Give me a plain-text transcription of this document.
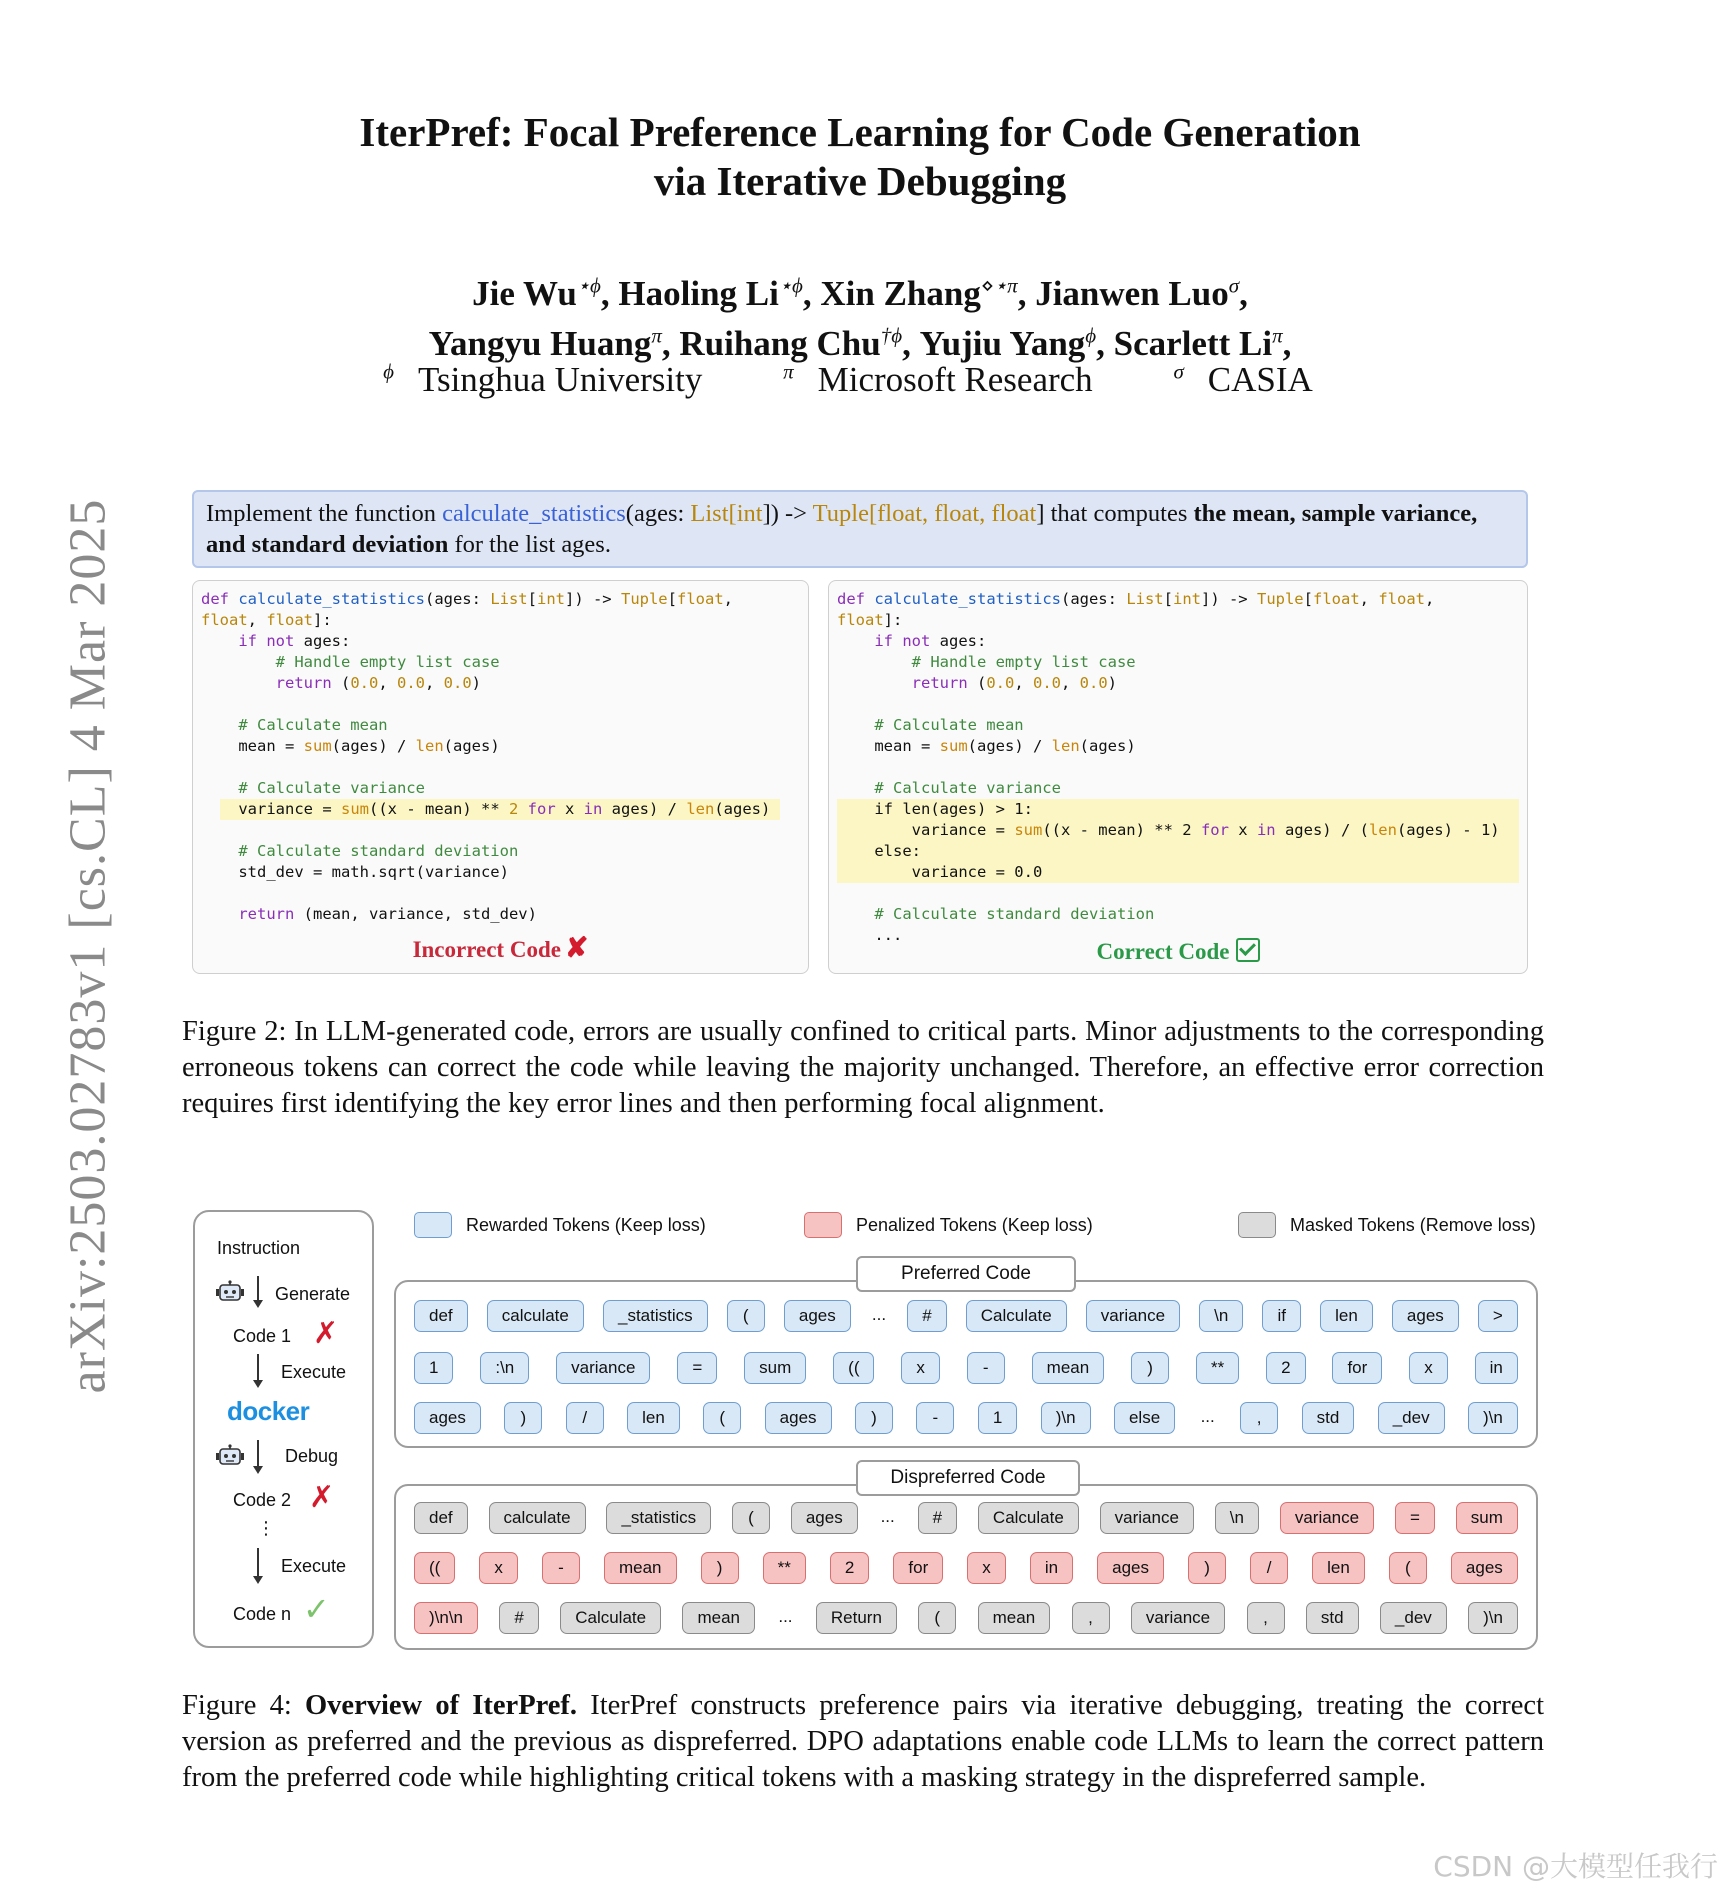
arXiv:2503.02783v1 [cs.CL] 4 Mar 2025
IterPref: Focal Preference Learning for Code Generation
via Iterative Debugging
Jie $Wu^{⋆\phi}$, Haoling $Li^{⋆\phi}$, Xin Zhang$^{⋄⋆\pi}$, Jianwen Luo$^\sigma$,
Yangyu Huang$^\pi$, Ruihang Chu$^{\dagger\phi}$, Yujiu Yang$^\phi$, Scarlett $Li^\pi$,
$^\phi$ Tsinghua University	$^\pi$ Microsoft Research	$^\sigma$ CASIA
Implement the function calculate_statistics(ages: List[int]) -> Tuple[float, float, float] that computes the mean, sample variance, and standard deviation for the list ages.
def calculate_statistics(ages: List[int]) -> Tuple[float,
float, float]:
if not ages:
# Handle empty list case
return (0.0, 0.0, 0.0)

# Calculate mean
mean = sum(ages) / len(ages)

# Calculate variance
variance = sum((x - mean) ** 2 for x in ages) / len(ages)

# Calculate standard deviation
std_dev = math.sqrt(variance)

return (mean, variance, std_dev)
Incorrect Code ✘
def calculate_statistics(ages: List[int]) -> Tuple[float, float,
float]:
if not ages:
# Handle empty list case
return (0.0, 0.0, 0.0)

# Calculate mean
mean = sum(ages) / len(ages)

# Calculate variance
if len(ages) > 1:
variance = sum((x - mean) ** 2 for x in ages) / (len(ages) - 1)
else:
variance = 0.0

# Calculate standard deviation
...
Correct Code
Figure 2: In LLM-generated code, errors are usually confined to critical parts. Minor adjustments to the corresponding erroneous tokens can correct the code while leaving the majority unchanged. Therefore, an effective error correction requires first identifying the key error lines and then performing focal alignment.
Instruction
Generate
Code 1 ✗
Execute
docker
Debug
Code 2 ✗
⋮
Execute
Code n ✓
Rewarded Tokens (Keep loss)	Penalized Tokens (Keep loss)	Masked Tokens (Remove loss)
Preferred Code
def	calculate	_statistics	(	ages	...	#	Calculate	variance	\n	if	len	ages	>
1	:\n	variance	=	sum	((	x	-	mean	)	**	2	for	x	in
ages	)	/	len	(	ages	)	-	1	)\n	else	...	,	std	_dev	)\n
Dispreferred Code
def	calculate	_statistics	(	ages	...	#	Calculate	variance	\n	variance	=	sum
((	x	-	mean	)	**	2	for	x	in	ages	)	/	len	(	ages
)\n\n	#	Calculate	mean	...	Return	(	mean	,	variance	,	std	_dev	)\n
Figure 4: Overview of IterPref. IterPref constructs preference pairs via iterative debugging, treating the correct version as preferred and the previous as dispreferred. DPO adaptations enable code LLMs to learn the correct pattern from the preferred code while highlighting critical tokens with a masking strategy in the dispreferred sample.
CSDN @大模型任我行
